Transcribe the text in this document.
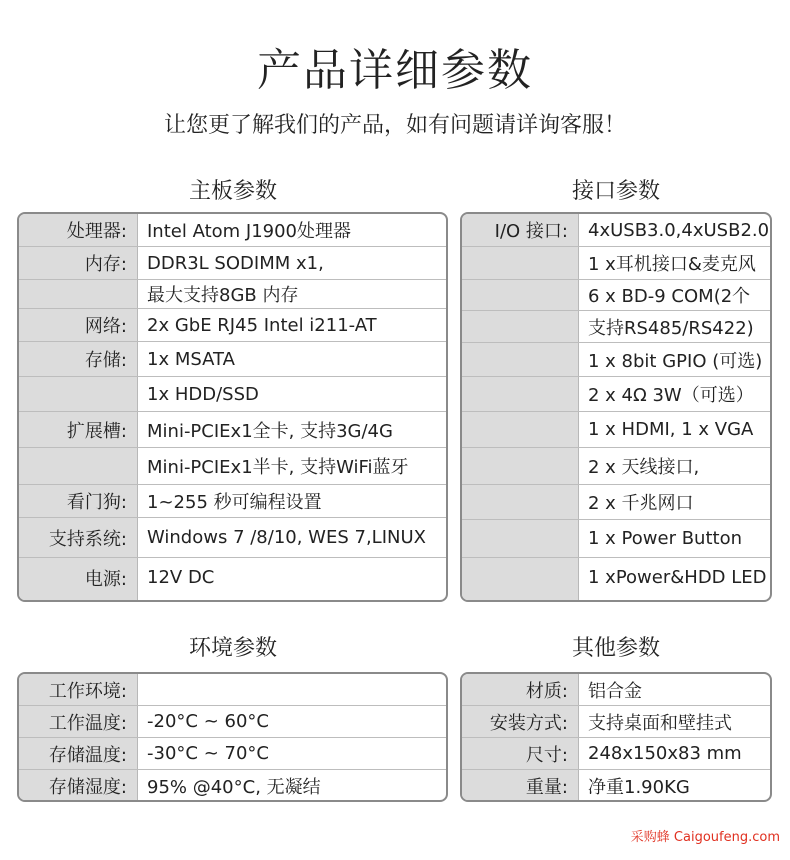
产品详细参数
让您更了解我们的产品，如有问题请详询客服！
主板参数
处理器: Intel Atom J1900处理器
内存: DDR3L SODIMM x1,
最大支持8GB 内存
网络: 2x GbE RJ45 Intel i211-AT
存储: 1x MSATA
1x HDD/SSD
扩展槽: Mini-PCIEx1全卡, 支持3G/4G
Mini-PCIEx1半卡, 支持WiFi蓝牙
看门狗: 1~255 秒可编程设置
支持系统: Windows 7 /8/10, WES 7,LINUX
电源: 12V DC
接口参数
I/O 接口: 4xUSB3.0,4xUSB2.0
1 x耳机接口&麦克风
6 x BD-9 COM(2个
支持RS485/RS422)
1 x 8bit GPIO (可选)
2 x 4Ω 3W（可选）
1 x HDMI, 1 x VGA
2 x 天线接口,
2 x 千兆网口
1 x Power Button
1 xPower&HDD LED
环境参数
工作环境:
工作温度: -20°C ~ 60°C
存储温度: -30°C ~ 70°C
存储湿度: 95% @40°C, 无凝结
其他参数
材质: 铝合金
安装方式: 支持桌面和壁挂式
尺寸: 248x150x83 mm
重量: 净重1.90KG
采购蜂 Caigoufeng.com
